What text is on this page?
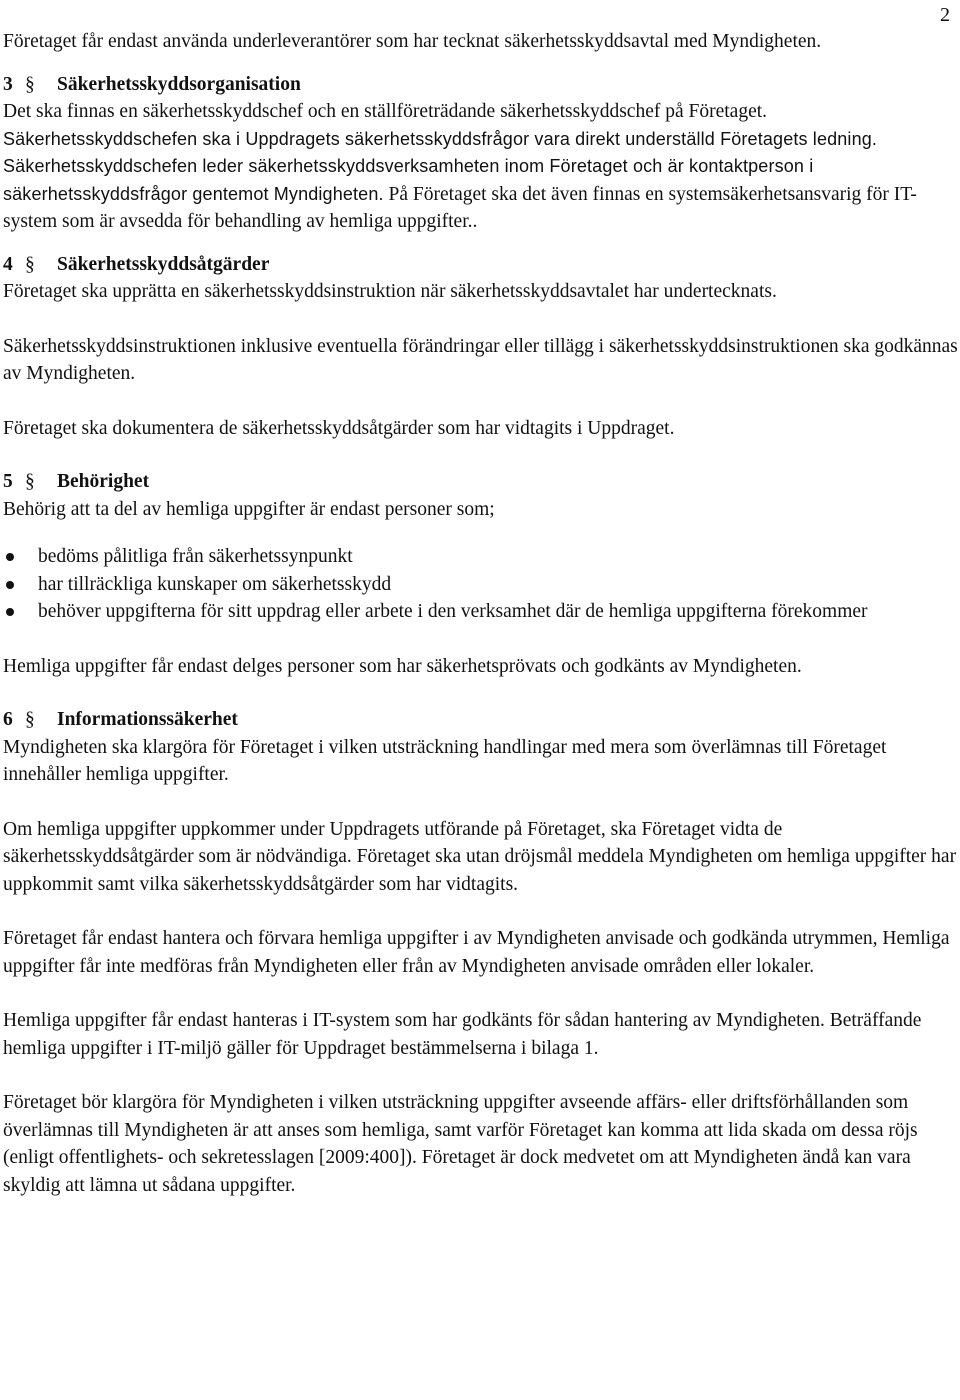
2

Företaget får endast använda underleverantörer som har tecknat säkerhetsskyddsavtal med Myndigheten.

3 § Säkerhetsskyddsorganisation

Det ska finnas en säkerhetsskyddschef och en ställföreträdande säkerhetsskyddschef på Företaget.

Säkerhetsskyddschefen ska i Uppdragets säkerhetsskyddsfrågor vara direkt underställd Företagets ledning. Säkerhetsskyddschefen leder säkerhetsskyddsverksamheten inom Företaget och är kontaktperson i säkerhetsskyddsfrågor gentemot Myndigheten. På Företaget ska det även finnas en systemsäkerhetsansvarig för IT-system som är avsedda för behandling av hemliga uppgifter..

4 § Säkerhetsskyddsåtgärder

Företaget ska upprätta en säkerhetsskyddsinstruktion när säkerhetsskyddsavtalet har undertecknats.

Säkerhetsskyddsinstruktionen inklusive eventuella förändringar eller tillägg i säkerhetsskyddsinstruktionen ska godkännas av Myndigheten.

Företaget ska dokumentera de säkerhetsskyddsåtgärder som har vidtagits i Uppdraget.

5 § Behörighet

Behörig att ta del av hemliga uppgifter är endast personer som;

bedöms pålitliga från säkerhetssynpunkt
har tillräckliga kunskaper om säkerhetsskydd
behöver uppgifterna för sitt uppdrag eller arbete i den verksamhet där de hemliga uppgifterna förekommer

Hemliga uppgifter får endast delges personer som har säkerhetsprövats och godkänts av Myndigheten.

6 § Informationssäkerhet

Myndigheten ska klargöra för Företaget i vilken utsträckning handlingar med mera som överlämnas till Företaget innehåller hemliga uppgifter.

Om hemliga uppgifter uppkommer under Uppdragets utförande på Företaget, ska Företaget vidta de säkerhetsskyddsåtgärder som är nödvändiga. Företaget ska utan dröjsmål meddela Myndigheten om hemliga uppgifter har uppkommit samt vilka säkerhetsskyddsåtgärder som har vidtagits.

Företaget får endast hantera och förvara hemliga uppgifter i av Myndigheten anvisade och godkända utrymmen, Hemliga uppgifter får inte medföras från Myndigheten eller från av Myndigheten anvisade områden eller lokaler.

Hemliga uppgifter får endast hanteras i IT-system som har godkänts för sådan hantering av Myndigheten. Beträffande hemliga uppgifter i IT-miljö gäller för Uppdraget bestämmelserna i bilaga 1.

Företaget bör klargöra för Myndigheten i vilken utsträckning uppgifter avseende affärs- eller driftsförhållanden som överlämnas till Myndigheten är att anses som hemliga, samt varför Företaget kan komma att lida skada om dessa röjs (enligt offentlighets- och sekretesslagen [2009:400]). Företaget är dock medvetet om att Myndigheten ändå kan vara skyldig att lämna ut sådana uppgifter.
